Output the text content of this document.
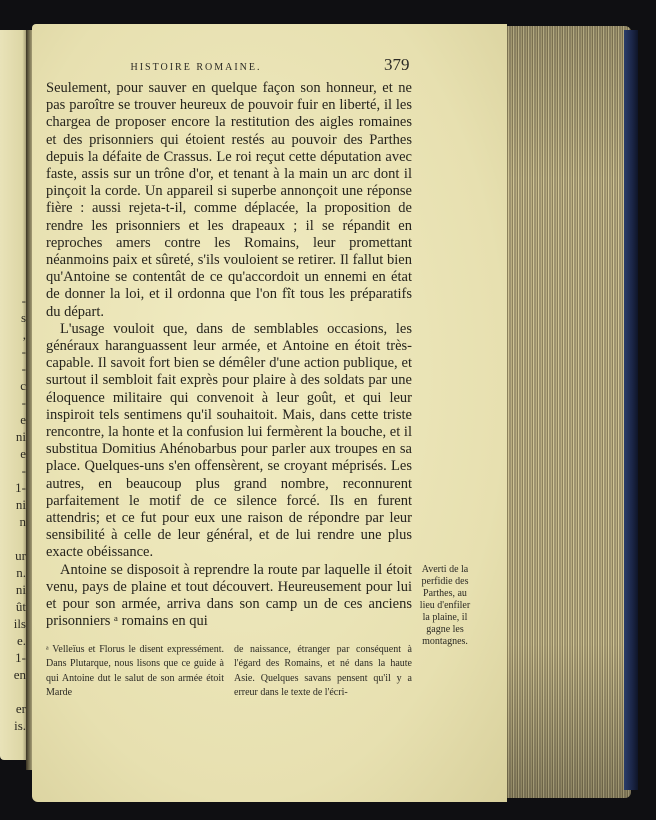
-
s
,
-
-
c
-
e
ni
e
-
1-
ni
n

ur
n.
ni
ût
ils
e.
1-
en

er
is.
HISTOIRE ROMAINE.	379

Seulement, pour sauver en quelque façon son honneur, et ne pas paroître se trouver heureux de pouvoir fuir en liberté, il les chargea de proposer encore la restitution des aigles romaines et des prisonniers qui étoient restés au pouvoir des Parthes depuis la défaite de Crassus. Le roi reçut cette députation avec faste, assis sur un trône d'or, et tenant à la main un arc dont il pinçoit la corde. Un appareil si superbe annonçoit une réponse fière : aussi rejeta-t-il, comme déplacée, la proposition de rendre les prisonniers et les drapeaux ; il se répandit en reproches amers contre les Romains, leur promettant néanmoins paix et sûreté, s'ils vouloient se retirer. Il fallut bien qu'Antoine se contentât de ce qu'accordoit un ennemi en état de donner la loi, et il ordonna que l'on fît tous les préparatifs du départ.

L'usage vouloit que, dans de semblables occasions, les généraux haranguassent leur armée, et Antoine en étoit très-capable. Il savoit fort bien se démêler d'une action publique, et surtout il sembloit fait exprès pour plaire à des soldats par une éloquence militaire qui convenoit à leur goût, et qui leur inspiroit tels sentimens qu'il souhaitoit. Mais, dans cette triste rencontre, la honte et la confusion lui fermèrent la bouche, et il substitua Domitius Ahénobarbus pour parler aux troupes en sa place. Quelques-uns s'en offensèrent, se croyant méprisés. Les autres, en beaucoup plus grand nombre, reconnurent parfaitement le motif de ce silence forcé. Ils en furent attendris; et ce fut pour eux une raison de répondre par leur sensibilité à celle de leur général, et de lui rendre une plus exacte obéissance.

Antoine se disposoit à reprendre la route par laquelle il étoit venu, pays de plaine et tout découvert. Heureusement pour lui et pour son armée, arriva dans son camp un de ces anciens prisonniers ᵃ romains en qui

Averti de la perfidie des Parthes, au lieu d'enfiler la plaine, il gagne les montagnes.
ᵃ Velleïus et Florus le disent expressément. Dans Plutarque, nous lisons que ce guide à qui Antoine dut le salut de son armée étoit Marde
de naissance, étranger par conséquent à l'égard des Romains, et né dans la haute Asie. Quelques savans pensent qu'il y a erreur dans le texte de l'écri-
